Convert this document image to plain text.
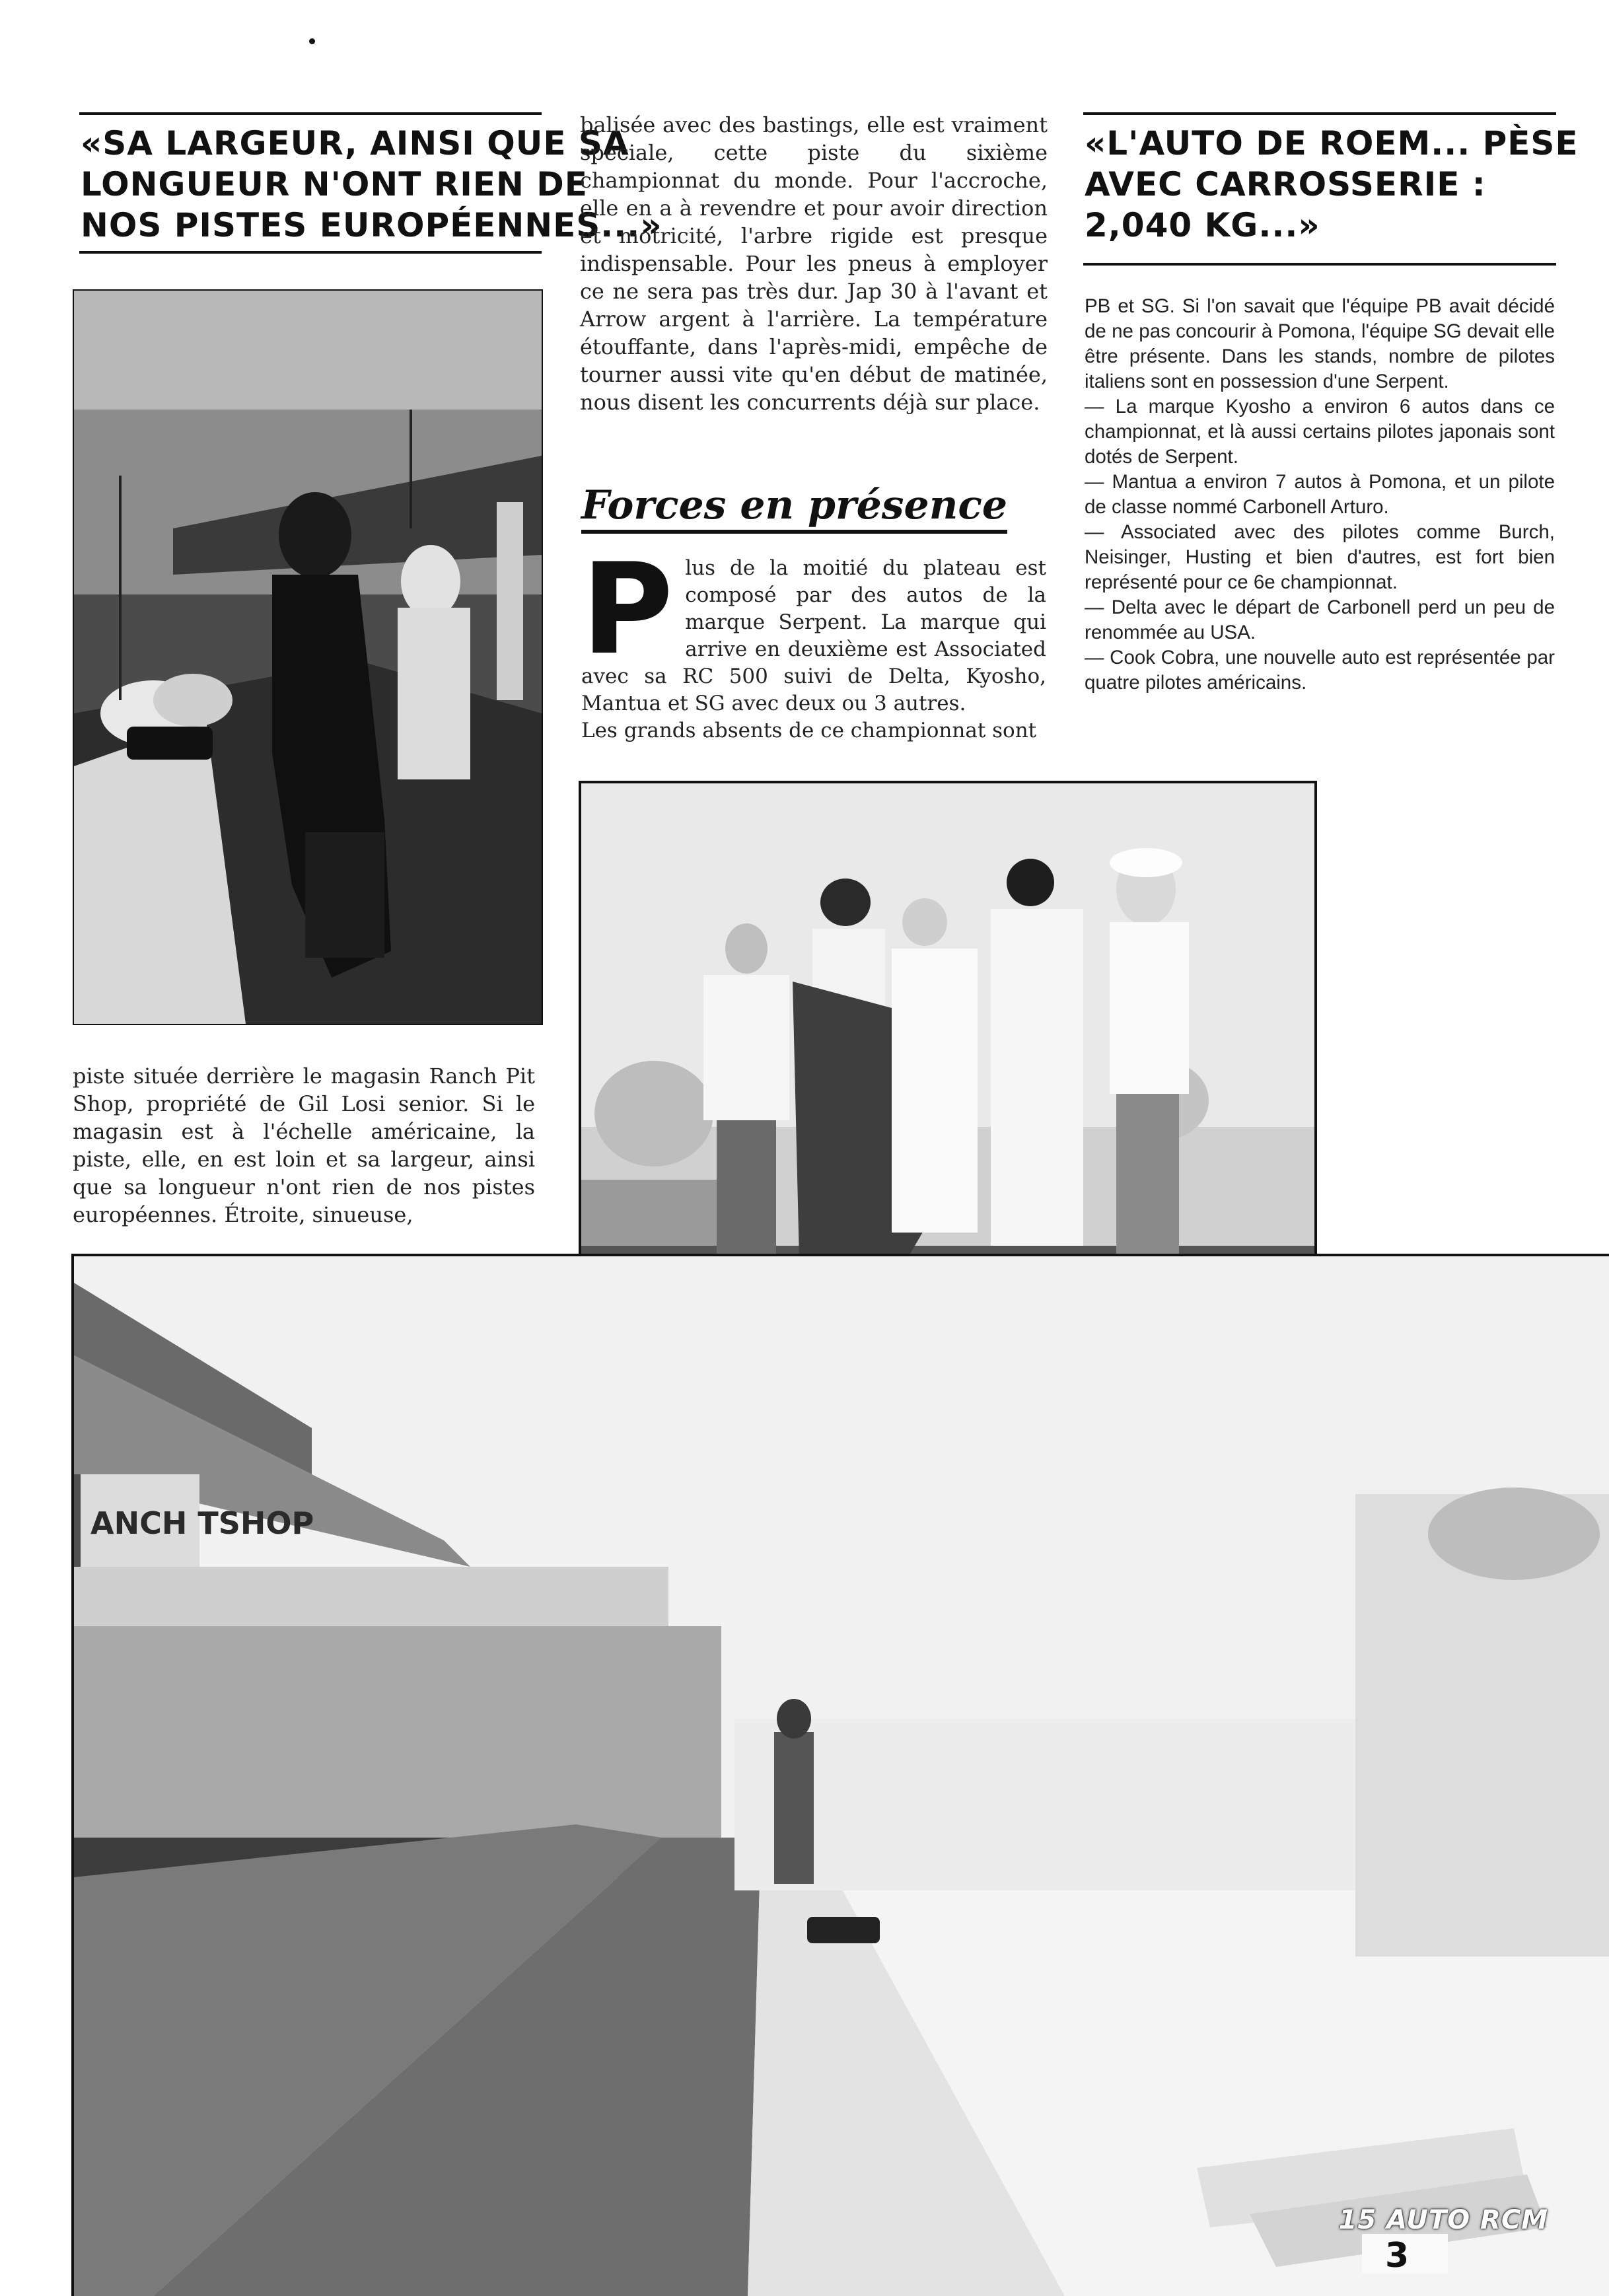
«SA LARGEUR, AINSI QUE SA
LONGUEUR N'ONT RIEN DE
NOS PISTES EUROPÉENNES...»

piste située derrière le magasin Ranch Pit Shop, propriété de Gil Losi senior. Si le magasin est à l'échelle américaine, la piste, elle, en est loin et sa largeur, ainsi que sa longueur n'ont rien de nos pistes européennes. Étroite, sinueuse,

balisée avec des bastings, elle est vraiment spéciale, cette piste du sixième championnat du monde. Pour l'accroche, elle en a à revendre et pour avoir direction et motricité, l'arbre rigide est presque indispensable. Pour les pneus à employer ce ne sera pas très dur. Jap 30 à l'avant et Arrow argent à l'arrière. La température étouffante, dans l'après-midi, empêche de tourner aussi vite qu'en début de matinée, nous disent les concurrents déjà sur place.

Forces en présence

P lus de la moitié du plateau est composé par des autos de la marque Serpent. La marque qui arrive en deuxième est Associated avec sa RC 500 suivi de Delta, Kyosho, Mantua et SG avec deux ou 3 autres.

Les grands absents de ce championnat sont

«L'AUTO DE ROEM... PÈSE
AVEC CARROSSERIE :
2,040 KG...»

PB et SG. Si l'on savait que l'équipe PB avait décidé de ne pas concourir à Pomona, l'équipe SG devait elle être présente. Dans les stands, nombre de pilotes italiens sont en possession d'une Serpent.

— La marque Kyosho a environ 6 autos dans ce championnat, et là aussi certains pilotes japonais sont dotés de Serpent.

— Mantua a environ 7 autos à Pomona, et un pilote de classe nommé Carbonell Arturo.

— Associated avec des pilotes comme Burch, Neisinger, Husting et bien d'autres, est fort bien représenté pour ce 6e championnat.

— Delta avec le départ de Carbonell perd un peu de renommée au USA.

— Cook Cobra, une nouvelle auto est représentée par quatre pilotes américains.

ANCH TSHOP
3
15 AUTO RCM
